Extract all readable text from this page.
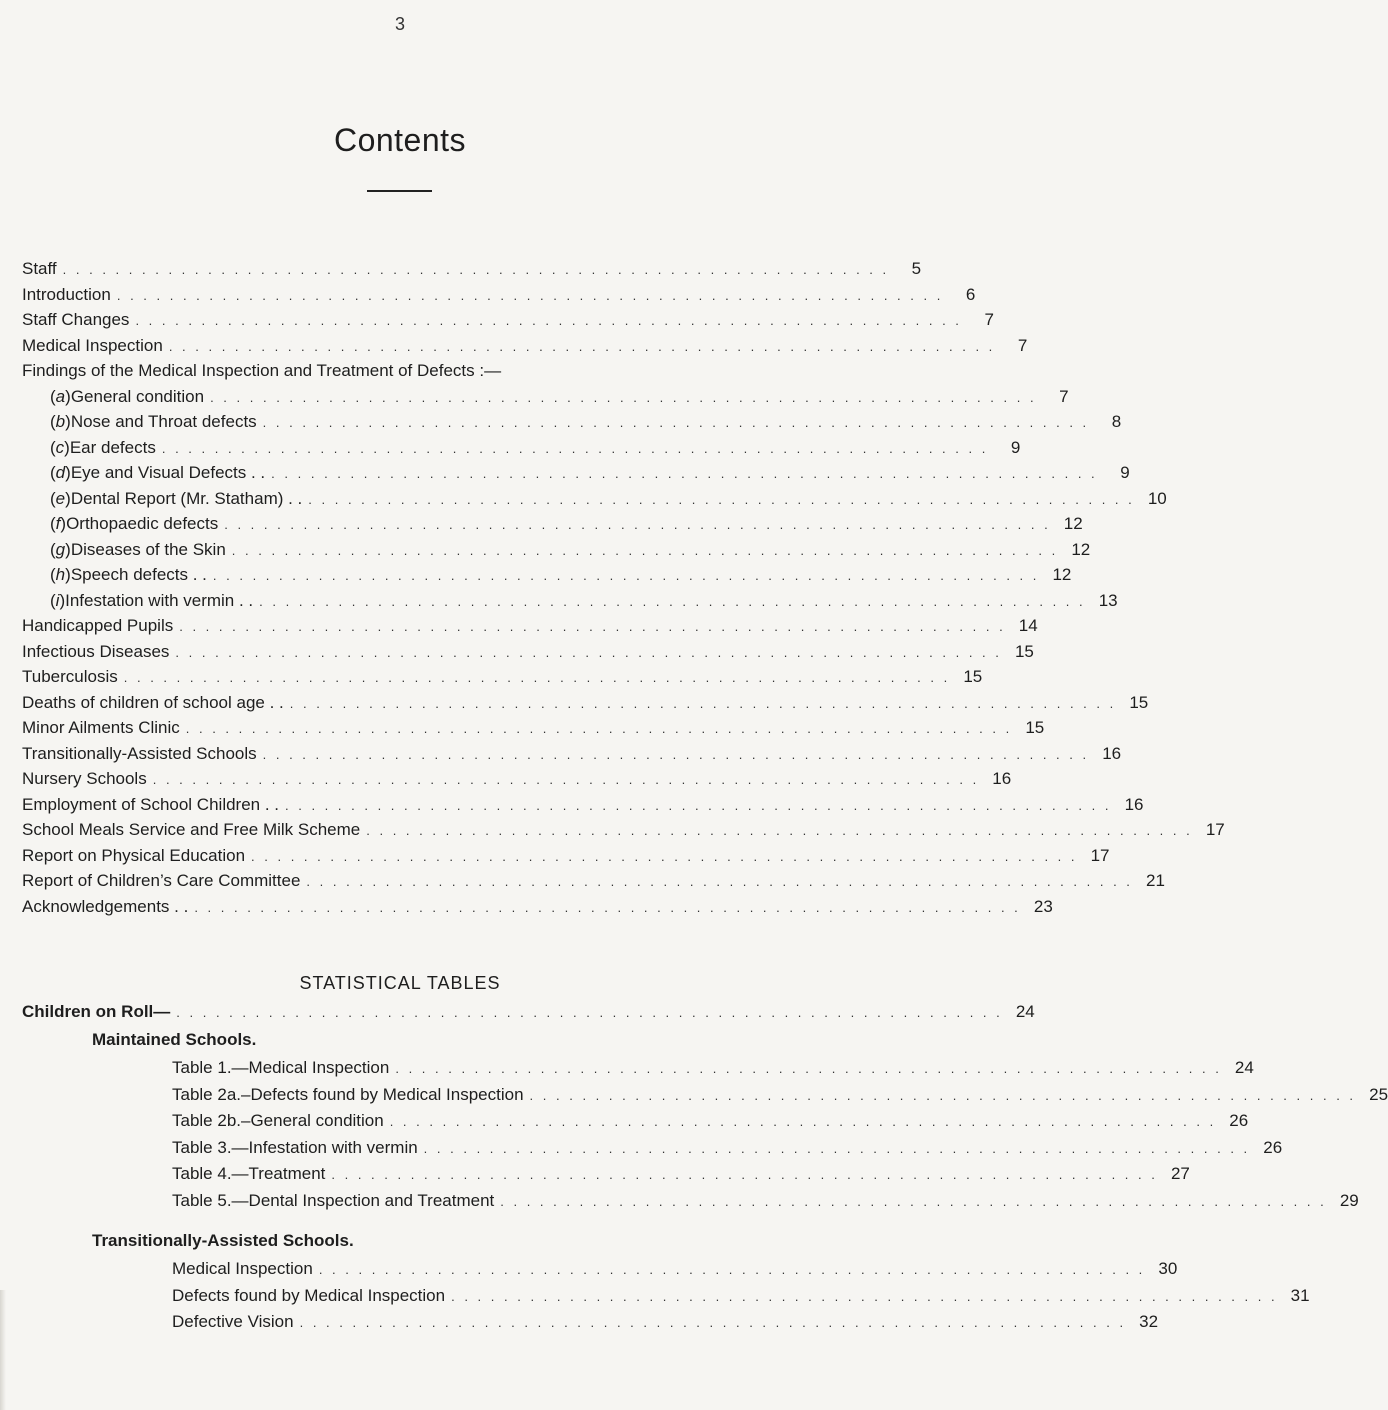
3
Contents
Staff . . . . . . . . . . . . . . . . . . . . . . . . . . . . . . . . . . . . . . . . . . . . . . . . . . . . . . . . . . . . . . .	5
Introduction . . . . . . . . . . . . . . . . . . . . . . . . . . . . . . . . . . . . . . . . . . . . . . . . . . . . . . . . . . . . . . .	6
Staff Changes . . . . . . . . . . . . . . . . . . . . . . . . . . . . . . . . . . . . . . . . . . . . . . . . . . . . . . . . . . . . . . .	7
Medical Inspection . . . . . . . . . . . . . . . . . . . . . . . . . . . . . . . . . . . . . . . . . . . . . . . . . . . . . . . . . . . . . . .	7
Findings of the Medical Inspection and Treatment of Defects :—
(a) General condition . . . . . . . . . . . . . . . . . . . . . . . . . . . . . . . . . . . . . . . . . . . . . . . . . . . . . . . . . . . . . . .	7
(b) Nose and Throat defects . . . . . . . . . . . . . . . . . . . . . . . . . . . . . . . . . . . . . . . . . . . . . . . . . . . . . . . . . . . . . . .	8
(c) Ear defects . . . . . . . . . . . . . . . . . . . . . . . . . . . . . . . . . . . . . . . . . . . . . . . . . . . . . . . . . . . . . . .	9
(d) Eye and Visual Defects . . . . . . . . . . . . . . . . . . . . . . . . . . . . . . . . . . . . . . . . . . . . . . . . . . . . . . . . . . . . . . . . .	9
(e) Dental Report (Mr. Statham) . . . . . . . . . . . . . . . . . . . . . . . . . . . . . . . . . . . . . . . . . . . . . . . . . . . . . . . . . . . . . . . . . 10
(f) Orthopaedic defects . . . . . . . . . . . . . . . . . . . . . . . . . . . . . . . . . . . . . . . . . . . . . . . . . . . . . . . . . . . . . . . 12
(g) Diseases of the Skin . . . . . . . . . . . . . . . . . . . . . . . . . . . . . . . . . . . . . . . . . . . . . . . . . . . . . . . . . . . . . . . 12
(h) Speech defects . . . . . . . . . . . . . . . . . . . . . . . . . . . . . . . . . . . . . . . . . . . . . . . . . . . . . . . . . . . . . . . . . 12
(i) Infestation with vermin . . . . . . . . . . . . . . . . . . . . . . . . . . . . . . . . . . . . . . . . . . . . . . . . . . . . . . . . . . . . . . . . . 13
Handicapped Pupils . . . . . . . . . . . . . . . . . . . . . . . . . . . . . . . . . . . . . . . . . . . . . . . . . . . . . . . . . . . . . . . 14
Infectious Diseases . . . . . . . . . . . . . . . . . . . . . . . . . . . . . . . . . . . . . . . . . . . . . . . . . . . . . . . . . . . . . . . 15
Tuberculosis . . . . . . . . . . . . . . . . . . . . . . . . . . . . . . . . . . . . . . . . . . . . . . . . . . . . . . . . . . . . . . . 15
Deaths of children of school age . . . . . . . . . . . . . . . . . . . . . . . . . . . . . . . . . . . . . . . . . . . . . . . . . . . . . . . . . . . . . . . . . 15
Minor Ailments Clinic . . . . . . . . . . . . . . . . . . . . . . . . . . . . . . . . . . . . . . . . . . . . . . . . . . . . . . . . . . . . . . . 15
Transitionally-Assisted Schools . . . . . . . . . . . . . . . . . . . . . . . . . . . . . . . . . . . . . . . . . . . . . . . . . . . . . . . . . . . . . . . 16
Nursery Schools . . . . . . . . . . . . . . . . . . . . . . . . . . . . . . . . . . . . . . . . . . . . . . . . . . . . . . . . . . . . . . . 16
Employment of School Children . . . . . . . . . . . . . . . . . . . . . . . . . . . . . . . . . . . . . . . . . . . . . . . . . . . . . . . . . . . . . . . . . 16
School Meals Service and Free Milk Scheme . . . . . . . . . . . . . . . . . . . . . . . . . . . . . . . . . . . . . . . . . . . . . . . . . . . . . . . . . . . . . . . 17
Report on Physical Education . . . . . . . . . . . . . . . . . . . . . . . . . . . . . . . . . . . . . . . . . . . . . . . . . . . . . . . . . . . . . . . 17
Report of Children’s Care Committee . . . . . . . . . . . . . . . . . . . . . . . . . . . . . . . . . . . . . . . . . . . . . . . . . . . . . . . . . . . . . . . 21
Acknowledgements . . . . . . . . . . . . . . . . . . . . . . . . . . . . . . . . . . . . . . . . . . . . . . . . . . . . . . . . . . . . . . . . . 23
Children on Roll— . . . . . . . . . . . . . . . . . . . . . . . . . . . . . . . . . . . . . . . . . . . . . . . . . . . . . . . . . . . . . . . 24
Maintained Schools.
Table 1.—Medical Inspection . . . . . . . . . . . . . . . . . . . . . . . . . . . . . . . . . . . . . . . . . . . . . . . . . . . . . . . . . . . . . . . 24
Table 2a.–Defects found by Medical Inspection . . . . . . . . . . . . . . . . . . . . . . . . . . . . . . . . . . . . . . . . . . . . . . . . . . . . . . . . . . . . . . . 25
Table 2b.–General condition . . . . . . . . . . . . . . . . . . . . . . . . . . . . . . . . . . . . . . . . . . . . . . . . . . . . . . . . . . . . . . . 26
Table 3.—Infestation with vermin . . . . . . . . . . . . . . . . . . . . . . . . . . . . . . . . . . . . . . . . . . . . . . . . . . . . . . . . . . . . . . . 26
Table 4.—Treatment . . . . . . . . . . . . . . . . . . . . . . . . . . . . . . . . . . . . . . . . . . . . . . . . . . . . . . . . . . . . . . . 27
Table 5.—Dental Inspection and Treatment . . . . . . . . . . . . . . . . . . . . . . . . . . . . . . . . . . . . . . . . . . . . . . . . . . . . . . . . . . . . . . . 29
Transitionally-Assisted Schools.
Medical Inspection . . . . . . . . . . . . . . . . . . . . . . . . . . . . . . . . . . . . . . . . . . . . . . . . . . . . . . . . . . . . . . . 30
Defects found by Medical Inspection . . . . . . . . . . . . . . . . . . . . . . . . . . . . . . . . . . . . . . . . . . . . . . . . . . . . . . . . . . . . . . . 31
Defective Vision . . . . . . . . . . . . . . . . . . . . . . . . . . . . . . . . . . . . . . . . . . . . . . . . . . . . . . . . . . . . . . . 32
STATISTICAL TABLES
